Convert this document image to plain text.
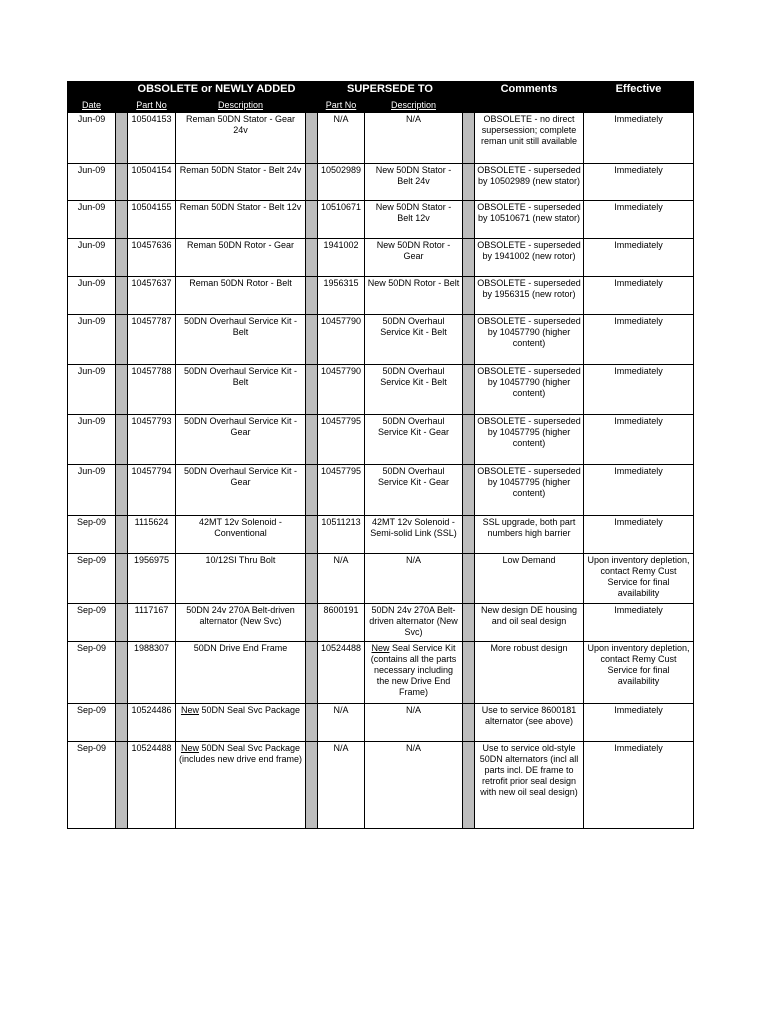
		OBSOLETE or NEWLY ADDED			SUPERSEDE TO			Comments	Effective
Date		Part No	Description		Part No	Description			
Jun-09		10504153	Reman 50DN Stator - Gear 24v		N/A	N/A		OBSOLETE - no direct supersession; complete reman unit still available	Immediately
Jun-09		10504154	Reman 50DN Stator - Belt 24v		10502989	New 50DN Stator - Belt 24v		OBSOLETE - superseded by 10502989 (new stator)	Immediately
Jun-09		10504155	Reman 50DN Stator - Belt 12v		10510671	New 50DN Stator - Belt 12v		OBSOLETE - superseded by 10510671 (new stator)	Immediately
Jun-09		10457636	Reman 50DN Rotor - Gear		1941002	New 50DN Rotor - Gear		OBSOLETE - superseded by 1941002 (new rotor)	Immediately
Jun-09		10457637	Reman 50DN Rotor - Belt		1956315	New 50DN Rotor - Belt		OBSOLETE - superseded by 1956315 (new rotor)	Immediately
Jun-09		10457787	50DN Overhaul Service Kit - Belt		10457790	50DN Overhaul Service Kit - Belt		OBSOLETE - superseded by 10457790 (higher content)	Immediately
Jun-09		10457788	50DN Overhaul Service Kit - Belt		10457790	50DN Overhaul Service Kit - Belt		OBSOLETE - superseded by 10457790 (higher content)	Immediately
Jun-09		10457793	50DN Overhaul Service Kit - Gear		10457795	50DN Overhaul Service Kit - Gear		OBSOLETE - superseded by 10457795 (higher content)	Immediately
Jun-09		10457794	50DN Overhaul Service Kit - Gear		10457795	50DN Overhaul Service Kit - Gear		OBSOLETE - superseded by 10457795 (higher content)	Immediately
Sep-09		1115624	42MT 12v Solenoid - Conventional		10511213	42MT 12v Solenoid - Semi-solid Link (SSL)		SSL upgrade, both part numbers high barrier	Immediately
Sep-09		1956975	10/12SI Thru Bolt		N/A	N/A		Low Demand	Upon inventory depletion, contact Remy Cust Service for final availability
Sep-09		1117167	50DN 24v 270A Belt-driven alternator (New Svc)		8600191	50DN 24v 270A Belt-driven alternator (New Svc)		New design DE housing and oil seal design	Immediately
Sep-09		1988307	50DN Drive End Frame		10524488	New Seal Service Kit (contains all the parts necessary including the new Drive End Frame)		More robust design	Upon inventory depletion, contact Remy Cust Service for final availability
Sep-09		10524486	New 50DN Seal Svc Package		N/A	N/A		Use to service 8600181 alternator (see above)	Immediately
Sep-09		10524488	New 50DN Seal Svc Package (includes new drive end frame)		N/A	N/A		Use to service old-style 50DN alternators (incl all parts incl. DE frame to retrofit prior seal design with new oil seal design)	Immediately
